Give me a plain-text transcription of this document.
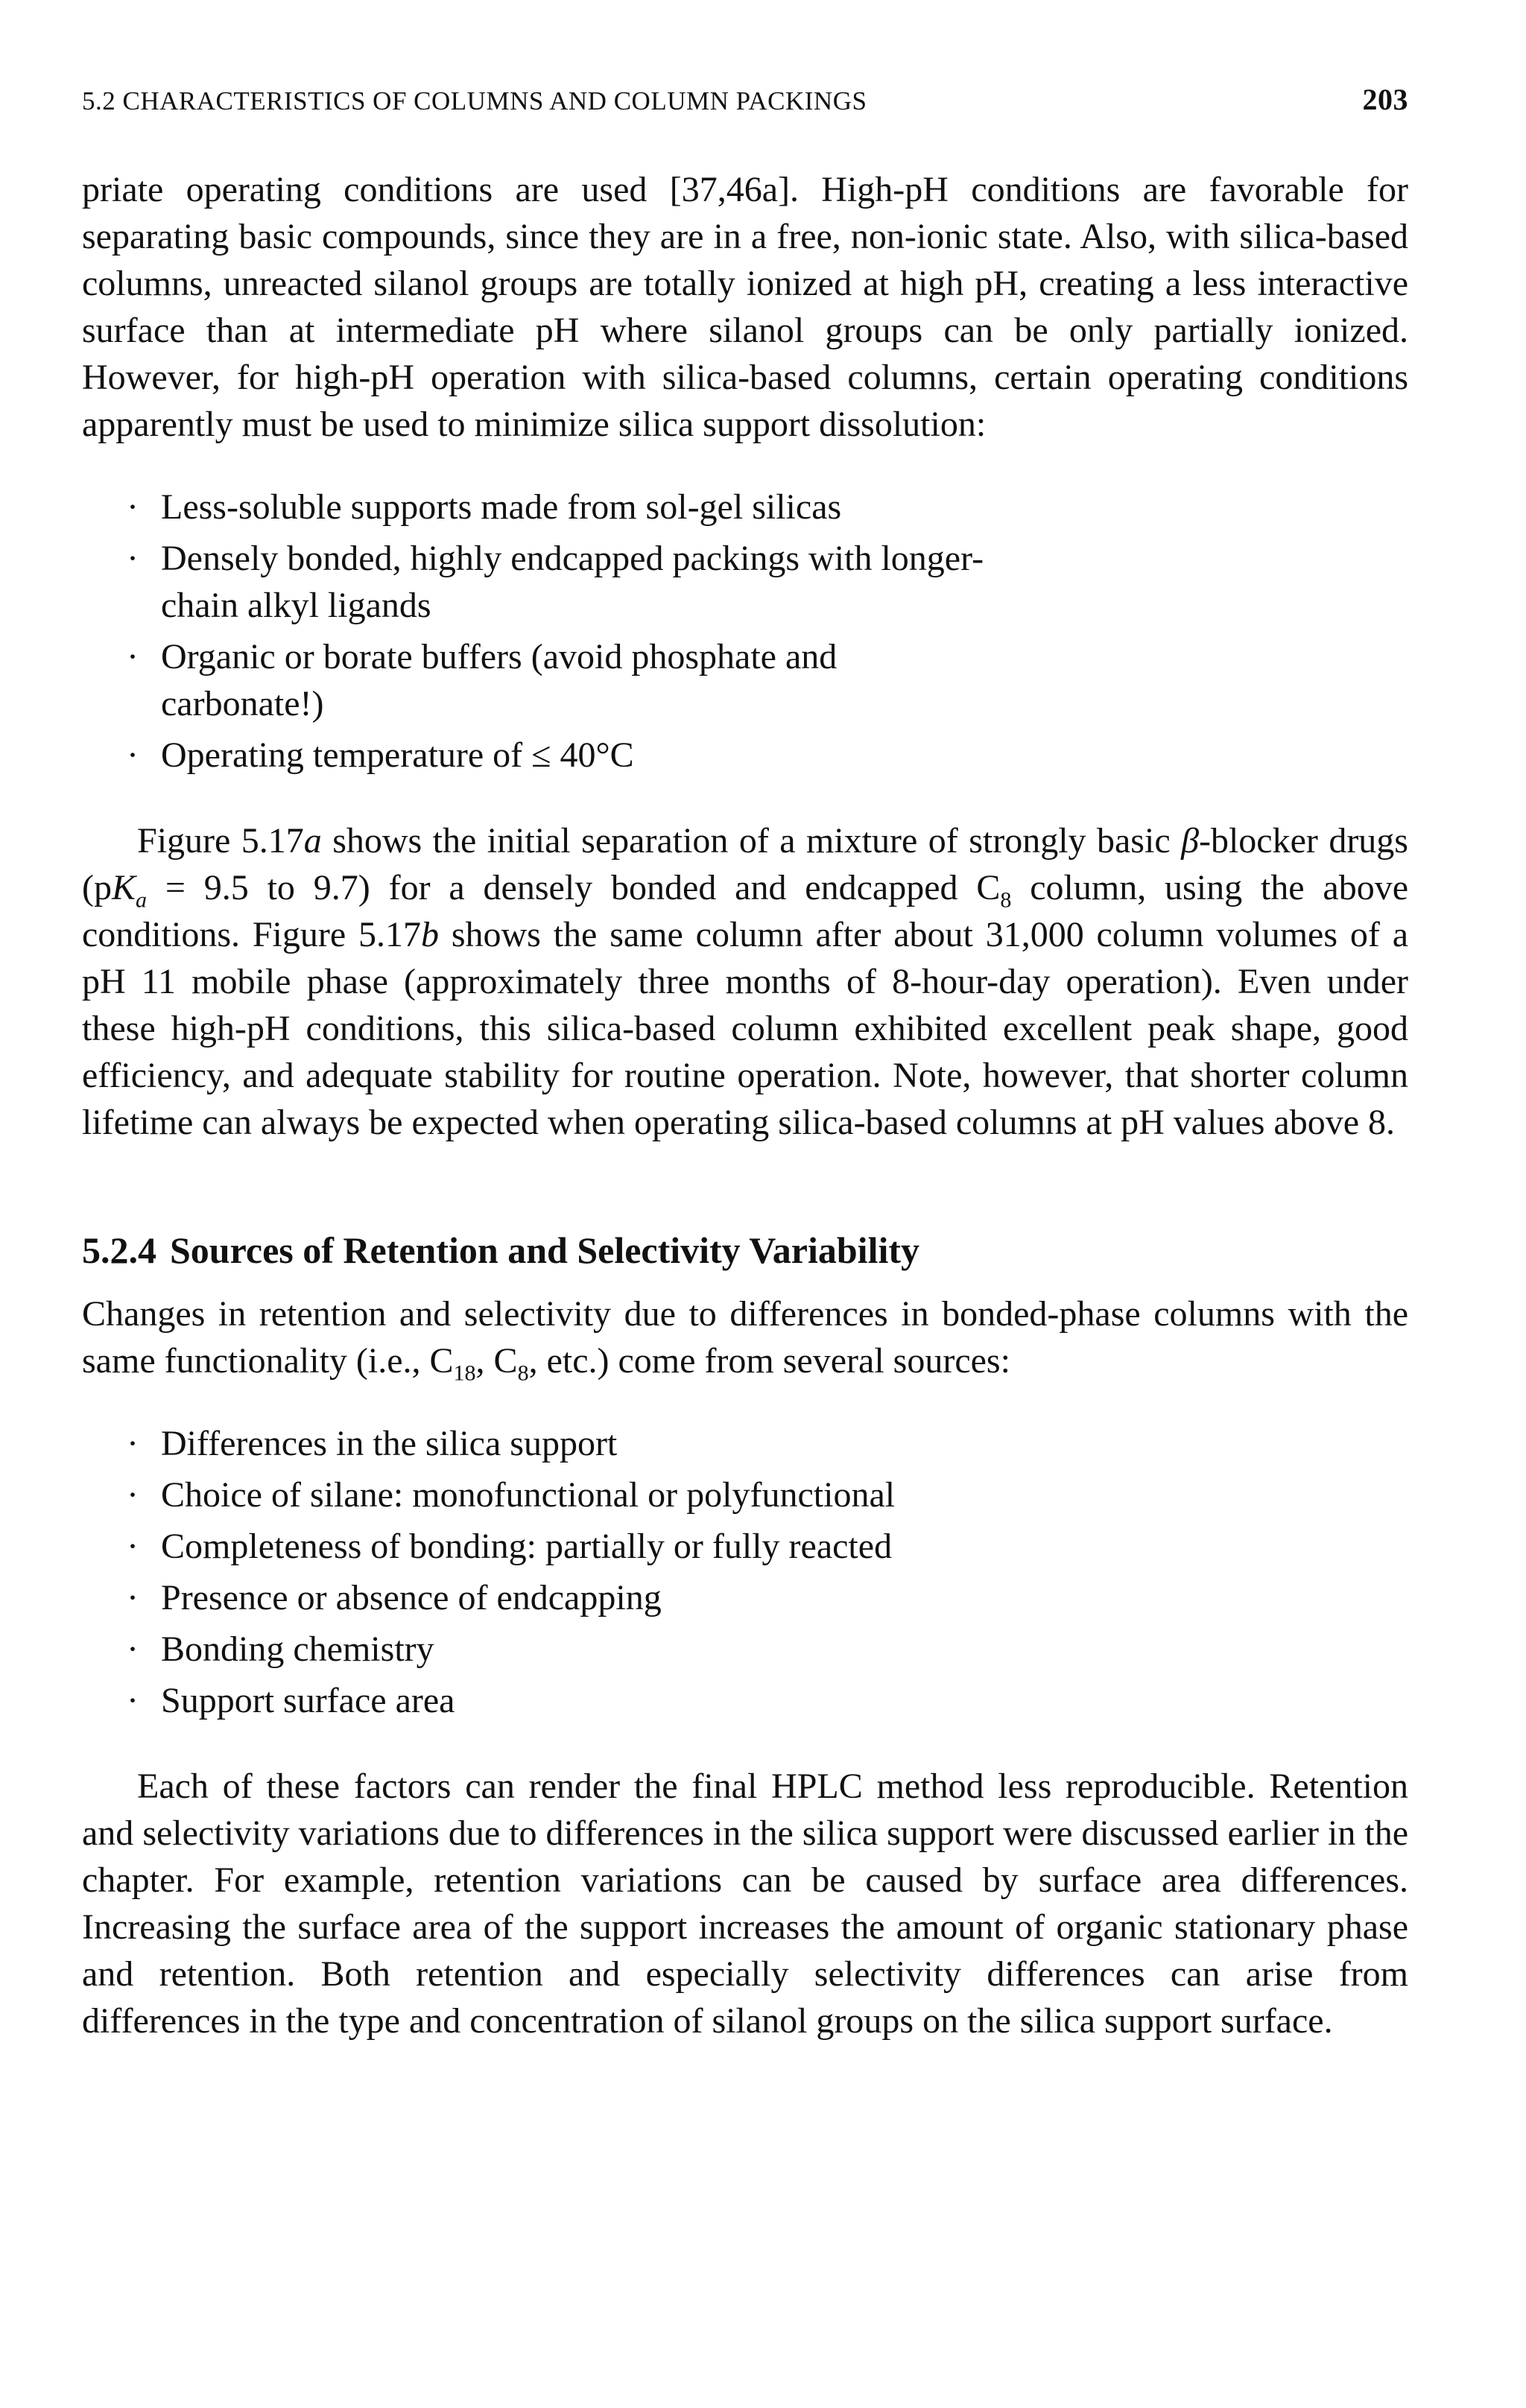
5.2 CHARACTERISTICS OF COLUMNS AND COLUMN PACKINGS	203

priate operating conditions are used [37,46a]. High-pH conditions are favorable for separating basic compounds, since they are in a free, non-ionic state. Also, with silica-based columns, unreacted silanol groups are totally ionized at high pH, creating a less interactive surface than at intermediate pH where silanol groups can be only partially ionized. However, for high-pH operation with silica-based columns, certain operating conditions apparently must be used to minimize silica support dissolution:

· Less-soluble supports made from sol-gel silicas
· Densely bonded, highly endcapped packings with longer-chain alkyl ligands
· Organic or borate buffers (avoid phosphate and carbonate!)
· Operating temperature of ≤ 40°C

Figure 5.17a shows the initial separation of a mixture of strongly basic β-blocker drugs ($pK_a = 9.5$ to 9.7) for a densely bonded and endcapped $C_8$ column, using the above conditions. Figure 5.17b shows the same column after about 31,000 column volumes of a pH 11 mobile phase (approximately three months of 8-hour-day operation). Even under these high-pH conditions, this silica-based column exhibited excellent peak shape, good efficiency, and adequate stability for routine operation. Note, however, that shorter column lifetime can always be expected when operating silica-based columns at pH values above 8.

5.2.4 Sources of Retention and Selectivity Variability

Changes in retention and selectivity due to differences in bonded-phase columns with the same functionality (i.e., $C_{18}$, $C_8$, etc.) come from several sources:

· Differences in the silica support
· Choice of silane: monofunctional or polyfunctional
· Completeness of bonding: partially or fully reacted
· Presence or absence of endcapping
· Bonding chemistry
· Support surface area

Each of these factors can render the final HPLC method less reproducible. Retention and selectivity variations due to differences in the silica support were discussed earlier in the chapter. For example, retention variations can be caused by surface area differences. Increasing the surface area of the support increases the amount of organic stationary phase and retention. Both retention and especially selectivity differences can arise from differences in the type and concentration of silanol groups on the silica support surface.
